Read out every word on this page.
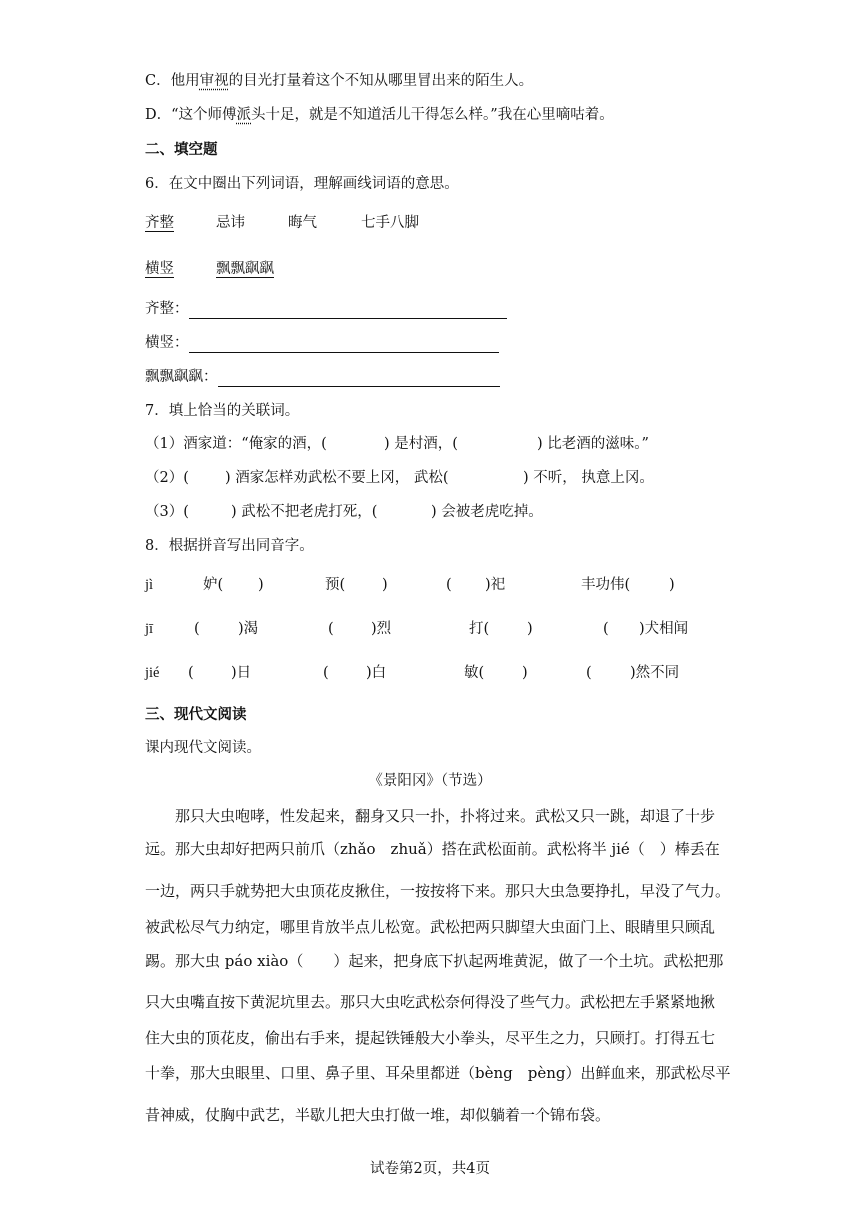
C．他用审视的目光打量着这个不知从哪里冒出来的陌生人。
D．“这个师傅派头十足，就是不知道活儿干得怎么样。”我在心里嘀咕着。
二、填空题
6．在文中圈出下列词语，理解画线词语的意思。
齐整	忌讳	晦气	七手八脚
横竖	飘飘飖飖
齐整：
横竖：
飘飘飖飖：
7．填上恰当的关联词。
（1）酒家道：“俺家的酒，(	) 是村酒，(	) 比老酒的滋味。”
（2）( ) 酒家怎样劝武松不要上冈， 武松(	) 不听， 执意上冈。
（3）(	) 武松不把老虎打死，(	) 会被老虎吃掉。
8．根据拼音写出同音字。
jì	妒( )	预(	)	( )祀	丰功伟(	)
jī	(	)渴	(	)烈	打(	)	( )犬相闻
jié (	)日	(	)白	敏(	)	(	)然不同
三、现代文阅读
课内现代文阅读。
《景阳冈》（节选）
那只大虫咆哮，性发起来，翻身又只一扑，扑将过来。武松又只一跳，却退了十步
远。那大虫却好把两只前爪（zhǎo　zhuǎ）搭在武松面前。武松将半 jié（　）棒丢在
一边，两只手就势把大虫顶花皮揪住，一按按将下来。那只大虫急要挣扎，早没了气力。
被武松尽气力纳定，哪里肯放半点儿松宽。武松把两只脚望大虫面门上、眼睛里只顾乱
踢。那大虫 páo xiào（　　）起来，把身底下扒起两堆黄泥，做了一个土坑。武松把那
只大虫嘴直按下黄泥坑里去。那只大虫吃武松奈何得没了些气力。武松把左手紧紧地揪
住大虫的顶花皮，偷出右手来，提起铁锤般大小拳头，尽平生之力，只顾打。打得五七
十拳，那大虫眼里、口里、鼻子里、耳朵里都迸（bèng　pèng）出鲜血来，那武松尽平
昔神威，仗胸中武艺，半歇儿把大虫打做一堆，却似躺着一个锦布袋。
试卷第2页，共4页
